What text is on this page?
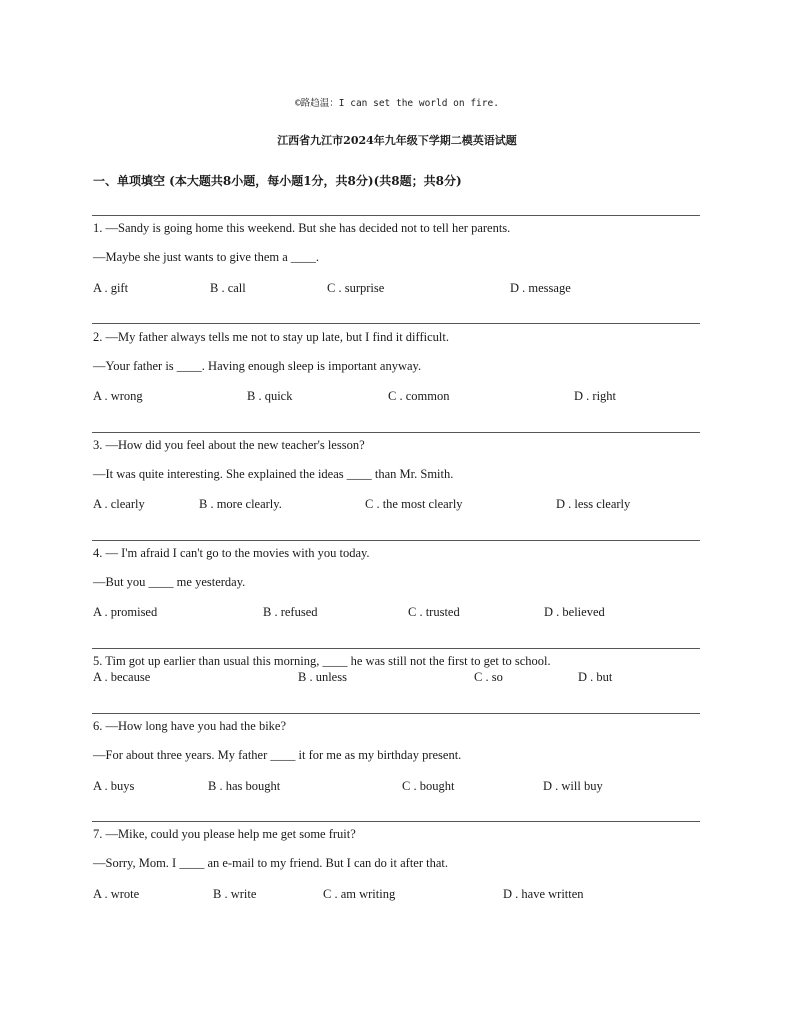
©路趋温：I can set the world on fire.
江西省九江市2024年九年级下学期二模英语试题
一、单项填空 (本大题共8小题，每小题1分，共8分)(共8题；共8分)
1. —Sandy is going home this weekend. But she has decided not to tell her parents.
—Maybe she just wants to give them a ____.
A . gift	B . call	C . surprise	D . message
2. —My father always tells me not to stay up late, but I find it difficult.
—Your father is ____. Having enough sleep is important anyway.
A . wrong	B . quick	C . common	D . right
3. —How did you feel about the new teacher's lesson?
—It was quite interesting. She explained the ideas ____ than Mr. Smith.
A . clearly	B . more clearly.	C . the most clearly	D . less clearly
4. — I'm afraid I can't go to the movies with you today.
—But you ____ me yesterday.
A . promised	B . refused	C . trusted	D . believed
5. Tim got up earlier than usual this morning, ____ he was still not the first to get to school.
A . because	B . unless	C . so	D . but
6. —How long have you had the bike?
—For about three years. My father ____ it for me as my birthday present.
A . buys	B . has bought	C . bought	D . will buy
7. —Mike, could you please help me get some fruit?
—Sorry, Mom. I ____ an e-mail to my friend. But I can do it after that.
A . wrote	B . write	C . am writing	D . have written
